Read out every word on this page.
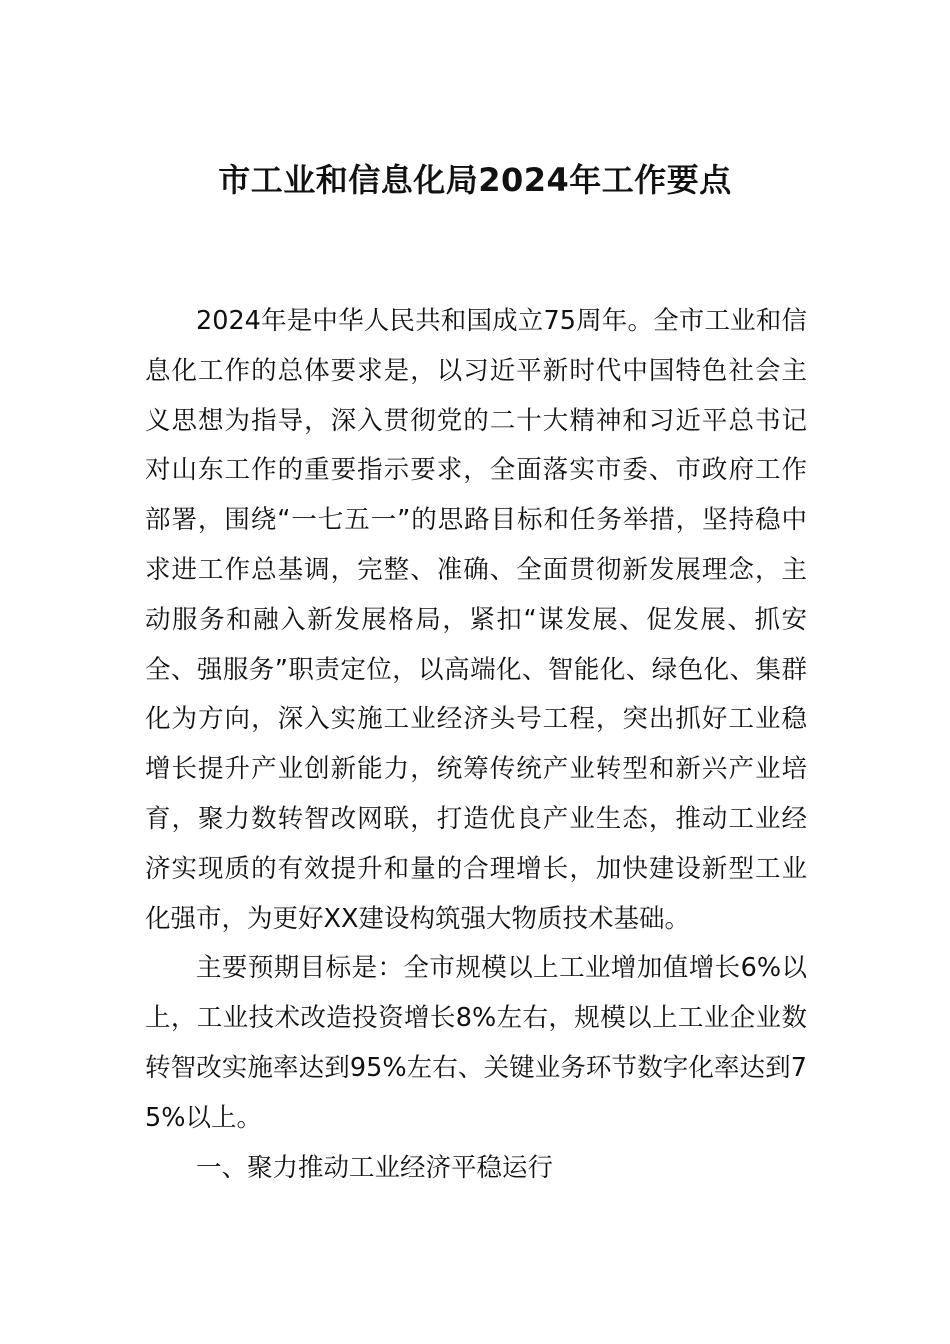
市工业和信息化局2024年工作要点

2024年是中华人民共和国成立75周年。全市工业和信息化工作的总体要求是，以习近平新时代中国特色社会主义思想为指导，深入贯彻党的二十大精神和习近平总书记对山东工作的重要指示要求，全面落实市委、市政府工作部署，围绕“一七五一”的思路目标和任务举措，坚持稳中求进工作总基调，完整、准确、全面贯彻新发展理念，主动服务和融入新发展格局，紧扣“谋发展、促发展、抓安全、强服务”职责定位，以高端化、智能化、绿色化、集群化为方向，深入实施工业经济头号工程，突出抓好工业稳增长提升产业创新能力，统筹传统产业转型和新兴产业培育，聚力数转智改网联，打造优良产业生态，推动工业经济实现质的有效提升和量的合理增长，加快建设新型工业化强市，为更好XX建设构筑强大物质技术基础。

主要预期目标是：全市规模以上工业增加值增长6%以上，工业技术改造投资增长8%左右，规模以上工业企业数转智改实施率达到95%左右、关键业务环节数字化率达到75%以上。

一、聚力推动工业经济平稳运行
